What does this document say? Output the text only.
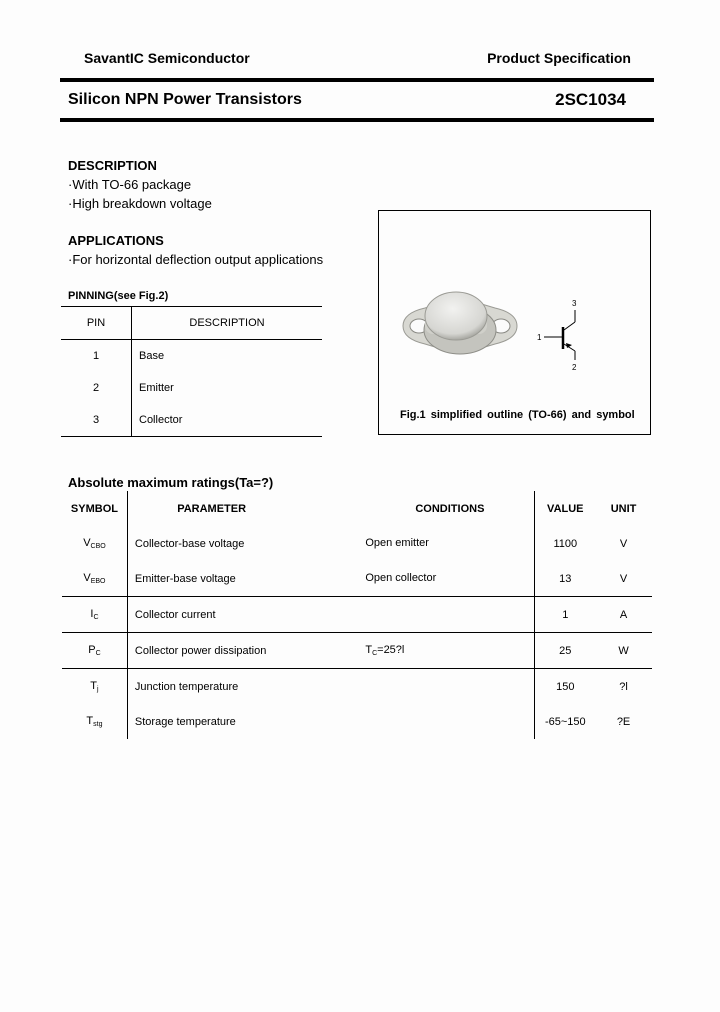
SavantIC Semiconductor	Product Specification
Silicon NPN Power Transistors	2SC1034
DESCRIPTION
·With TO-66 package
·High breakdown voltage
APPLICATIONS
·For horizontal deflection output applications
PINNING(see Fig.2)
PIN	DESCRIPTION
1	Base
2	Emitter
3	Collector
3
1
2
Fig.1 simplified outline (TO-66) and symbol
Absolute maximum ratings(Ta=?)
SYMBOL	PARAMETER	CONDITIONS	VALUE	UNIT
$V_{CBO}$	Collector-base voltage	Open emitter	1100	V
$V_{EBO}$	Emitter-base voltage	Open collector	13	V
$I_C$	Collector current		1	A
$P_C$	Collector power dissipation	$T_C=25?l$	25	W
$T_j$	Junction temperature		150	?l
$T_{stg}$	Storage temperature		-65~150	?E
